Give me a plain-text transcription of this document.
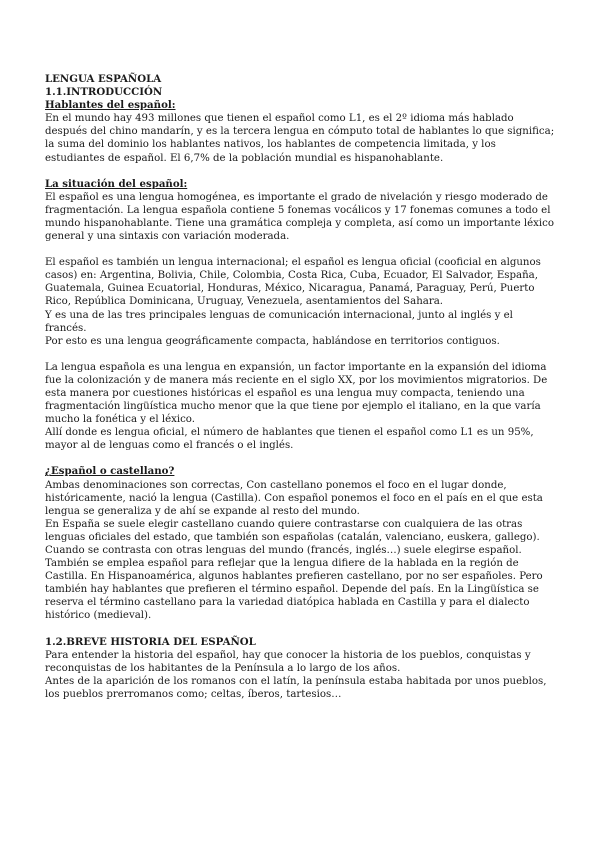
LENGUA ESPAÑOLA

1.1.INTRODUCCIÓN

Hablantes del español:

En el mundo hay 493 millones que tienen el español como L1, es el 2º idioma más hablado después del chino mandarín, y es la tercera lengua en cómputo total de hablantes lo que significa; la suma del dominio los hablantes nativos, los hablantes de competencia limitada, y los estudiantes de español. El 6,7% de la población mundial es hispanohablante.

La situación del español:

El español es una lengua homogénea, es importante el grado de nivelación y riesgo moderado de fragmentación. La lengua española contiene 5 fonemas vocálicos y 17 fonemas comunes a todo el mundo hispanohablante. Tiene una gramática compleja y completa, así como un importante léxico general y una sintaxis con variación moderada.

El español es también un lengua internacional; el español es lengua oficial (cooficial en algunos casos) en: Argentina, Bolivia, Chile, Colombia, Costa Rica, Cuba, Ecuador, El Salvador, España, Guatemala, Guinea Ecuatorial, Honduras, México, Nicaragua, Panamá, Paraguay, Perú, Puerto Rico, República Dominicana, Uruguay, Venezuela, asentamientos del Sahara.

Y es una de las tres principales lenguas de comunicación internacional, junto al inglés y el francés.

Por esto es una lengua geográficamente compacta, hablándose en territorios contiguos.

La lengua española es una lengua en expansión, un factor importante en la expansión del idioma fue la colonización y de manera más reciente en el siglo XX, por los movimientos migratorios. De esta manera por cuestiones históricas el español es una lengua muy compacta, teniendo una fragmentación lingüística mucho menor que la que tiene por ejemplo el italiano, en la que varía mucho la fonética y el léxico.

Allí donde es lengua oficial, el número de hablantes que tienen el español como L1 es un 95%, mayor al de lenguas como el francés o el inglés.

¿Español o castellano?

Ambas denominaciones son correctas, Con castellano ponemos el foco en el lugar donde, históricamente, nació la lengua (Castilla). Con español ponemos el foco en el país en el que esta lengua se generaliza y de ahí se expande al resto del mundo.

En España se suele elegir castellano cuando quiere contrastarse con cualquiera de las otras lenguas oficiales del estado, que también son españolas (catalán, valenciano, euskera, gallego). Cuando se contrasta con otras lenguas del mundo (francés, inglés…) suele elegirse español. También se emplea español para reflejar que la lengua difiere de la hablada en la región de Castilla. En Hispanoamérica, algunos hablantes prefieren castellano, por no ser españoles. Pero también hay hablantes que prefieren el término español. Depende del país. En la Lingüística se reserva el término castellano para la variedad diatópica hablada en Castilla y para el dialecto histórico (medieval).

1.2.BREVE HISTORIA DEL ESPAÑOL

Para entender la historia del español, hay que conocer la historia de los pueblos, conquistas y reconquistas de los habitantes de la Península a lo largo de los años.

Antes de la aparición de los romanos con el latín, la península estaba habitada por unos pueblos, los pueblos prerromanos como; celtas, íberos, tartesios…
